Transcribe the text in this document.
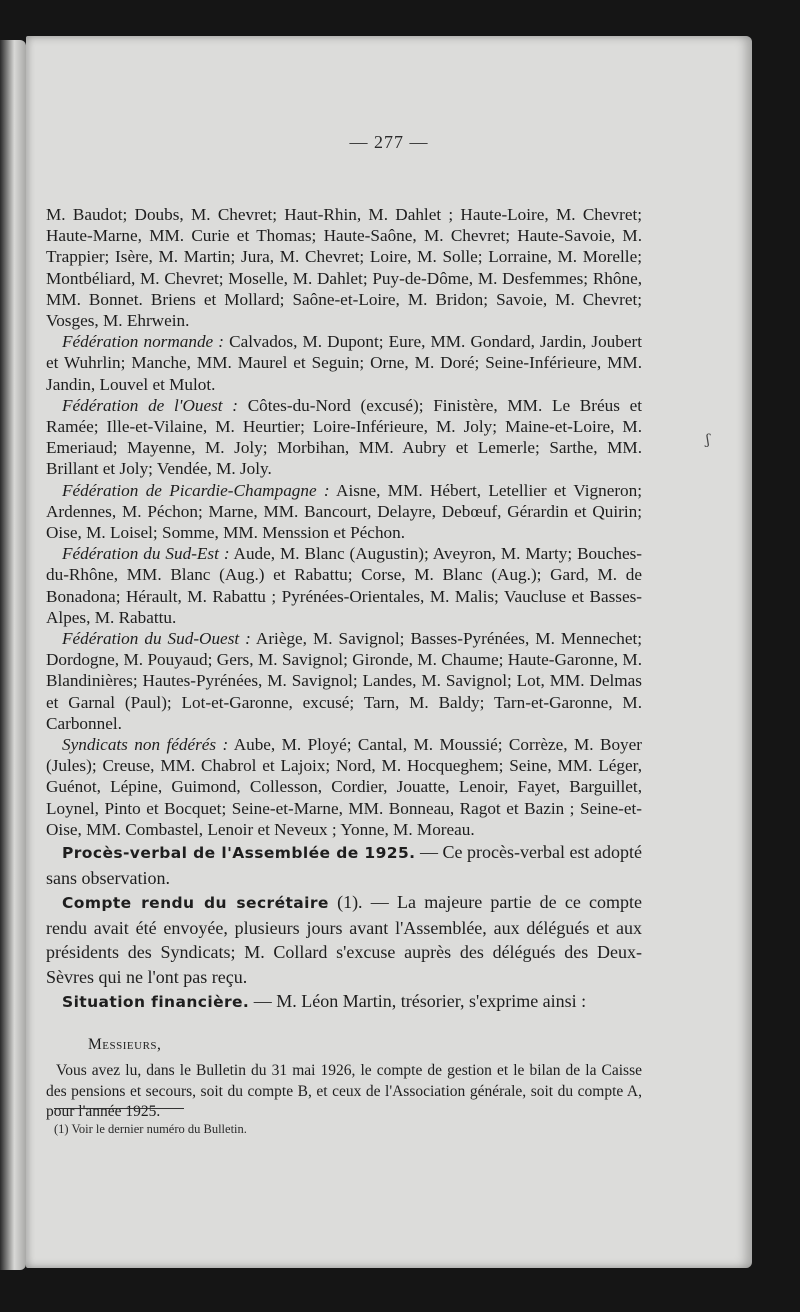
— 277 —

M. Baudot; Doubs, M. Chevret; Haut-Rhin, M. Dahlet ; Haute-Loire, M. Chevret; Haute-Marne, MM. Curie et Thomas; Haute-Saône, M. Chevret; Haute-Savoie, M. Trappier; Isère, M. Martin; Jura, M. Chevret; Loire, M. Solle; Lorraine, M. Morelle; Montbéliard, M. Chevret; Moselle, M. Dahlet; Puy-de-Dôme, M. Desfemmes; Rhône, MM. Bonnet. Briens et Mollard; Saône-et-Loire, M. Bridon; Savoie, M. Chevret; Vosges, M. Ehrwein.

Fédération normande : Calvados, M. Dupont; Eure, MM. Gondard, Jardin, Joubert et Wuhrlin; Manche, MM. Maurel et Seguin; Orne, M. Doré; Seine-Inférieure, MM. Jandin, Louvel et Mulot.

Fédération de l'Ouest : Côtes-du-Nord (excusé); Finistère, MM. Le Bréus et Ramée; Ille-et-Vilaine, M. Heurtier; Loire-Inférieure, M. Joly; Maine-et-Loire, M. Emeriaud; Mayenne, M. Joly; Morbihan, MM. Aubry et Lemerle; Sarthe, MM. Brillant et Joly; Vendée, M. Joly.

Fédération de Picardie-Champagne : Aisne, MM. Hébert, Letellier et Vigneron; Ardennes, M. Péchon; Marne, MM. Bancourt, Delayre, Debœuf, Gérardin et Quirin; Oise, M. Loisel; Somme, MM. Menssion et Péchon.

Fédération du Sud-Est : Aude, M. Blanc (Augustin); Aveyron, M. Marty; Bouches-du-Rhône, MM. Blanc (Aug.) et Rabattu; Corse, M. Blanc (Aug.); Gard, M. de Bonadona; Hérault, M. Rabattu ; Pyrénées-Orientales, M. Malis; Vaucluse et Basses-Alpes, M. Rabattu.

Fédération du Sud-Ouest : Ariège, M. Savignol; Basses-Pyrénées, M. Mennechet; Dordogne, M. Pouyaud; Gers, M. Savignol; Gironde, M. Chaume; Haute-Garonne, M. Blandinières; Hautes-Pyrénées, M. Savignol; Landes, M. Savignol; Lot, MM. Delmas et Garnal (Paul); Lot-et-Garonne, excusé; Tarn, M. Baldy; Tarn-et-Garonne, M. Carbonnel.

Syndicats non fédérés : Aube, M. Ployé; Cantal, M. Moussié; Corrèze, M. Boyer (Jules); Creuse, MM. Chabrol et Lajoix; Nord, M. Hocqueghem; Seine, MM. Léger, Guénot, Lépine, Guimond, Collesson, Cordier, Jouatte, Lenoir, Fayet, Barguillet, Loynel, Pinto et Bocquet; Seine-et-Marne, MM. Bonneau, Ragot et Bazin ; Seine-et-Oise, MM. Combastel, Lenoir et Neveux ; Yonne, M. Moreau.

Procès-verbal de l'Assemblée de 1925. — Ce procès-verbal est adopté sans observation.

Compte rendu du secrétaire (1). — La majeure partie de ce compte rendu avait été envoyée, plusieurs jours avant l'Assemblée, aux délégués et aux présidents des Syndicats; M. Collard s'excuse auprès des délégués des Deux-Sèvres qui ne l'ont pas reçu.

Situation financière. — M. Léon Martin, trésorier, s'exprime ainsi :

Messieurs,

Vous avez lu, dans le Bulletin du 31 mai 1926, le compte de gestion et le bilan de la Caisse des pensions et secours, soit du compte B, et ceux de l'Association générale, soit du compte A, pour l'année 1925.

ʃ
(1) Voir le dernier numéro du Bulletin.
